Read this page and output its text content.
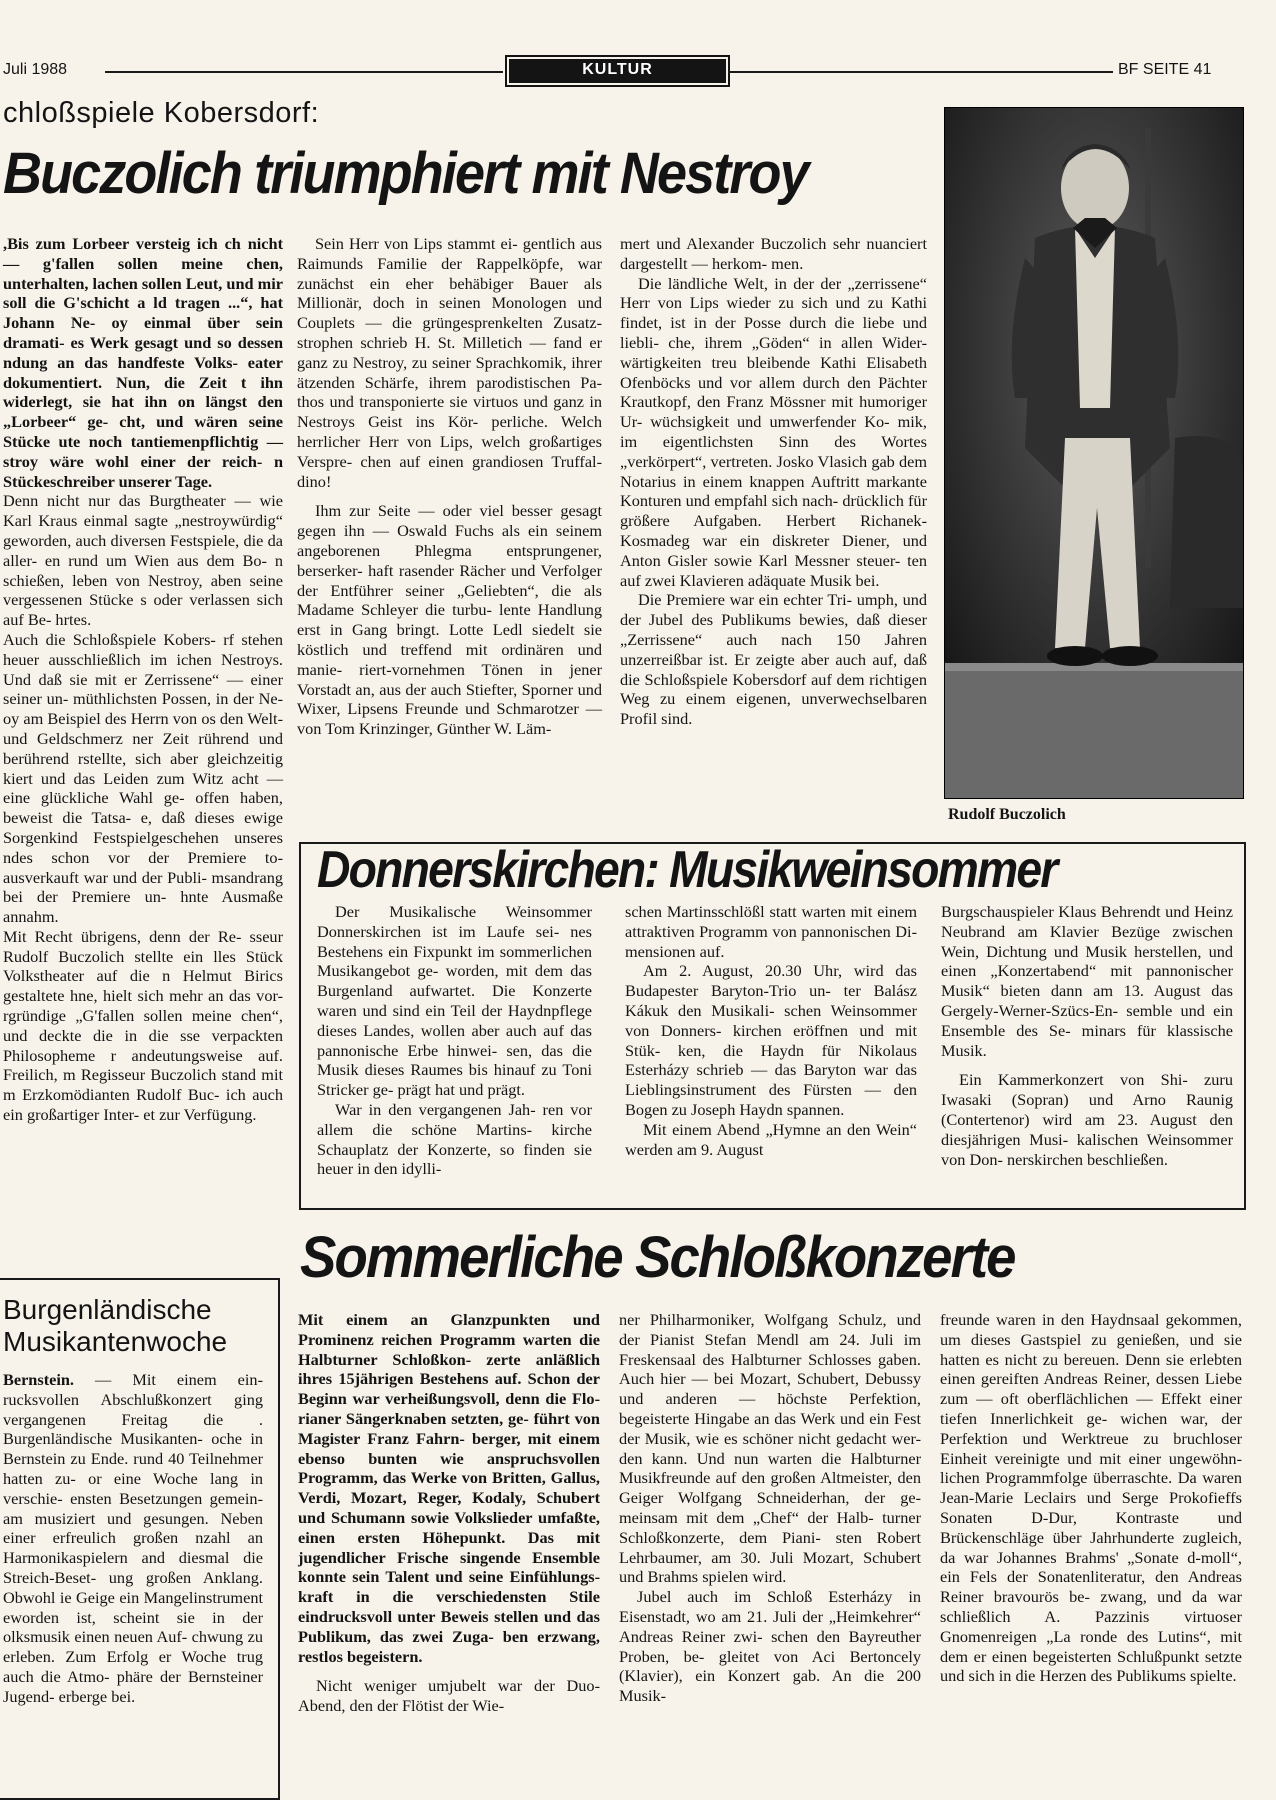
Juli 1988	KULTUR	BF SEITE 41
chloßspiele Kobersdorf:
Buczolich triumphiert mit Nestroy

,Bis zum Lorbeer versteig ich ch nicht — g'fallen sollen meine chen, unterhalten, lachen sollen Leut, und mir soll die G'schicht a ld tragen ...“, hat Johann Ne- oy einmal über sein dramati- es Werk gesagt und so dessen ndung an das handfeste Volks- eater dokumentiert. Nun, die Zeit t ihn widerlegt, sie hat ihn on längst den „Lorbeer“ ge- cht, und wären seine Stücke ute noch tantiemenpflichtig — stroy wäre wohl einer der reich- n Stückeschreiber unserer Tage.

Denn nicht nur das Burgtheater — wie Karl Kraus einmal sagte „nestroywürdig“ geworden, auch diversen Festspiele, die da aller- en rund um Wien aus dem Bo- n schießen, leben von Nestroy, aben seine vergessenen Stücke s oder verlassen sich auf Be- hrtes.

Auch die Schloßspiele Kobers- rf stehen heuer ausschließlich im ichen Nestroys. Und daß sie mit er Zerrissene“ — einer seiner un- müthlichsten Possen, in der Ne- oy am Beispiel des Herrn von os den Welt- und Geldschmerz ner Zeit rührend und berührend rstellte, sich aber gleichzeitig kiert und das Leiden zum Witz acht — eine glückliche Wahl ge- offen haben, beweist die Tatsa- e, daß dieses ewige Sorgenkind Festspielgeschehen unseres ndes schon vor der Premiere to- ausverkauft war und der Publi- msandrang bei der Premiere un- hnte Ausmaße annahm.

Mit Recht übrigens, denn der Re- sseur Rudolf Buczolich stellte ein lles Stück Volkstheater auf die n Helmut Birics gestaltete hne, hielt sich mehr an das vor- rgründige „G'fallen sollen meine chen“, und deckte die in die sse verpackten Philosopheme r andeutungsweise auf. Freilich, m Regisseur Buczolich stand mit m Erzkomödianten Rudolf Buc- ich auch ein großartiger Inter- et zur Verfügung.

Sein Herr von Lips stammt ei- gentlich aus Raimunds Familie der Rappelköpfe, war zunächst ein eher behäbiger Bauer als Millionär, doch in seinen Monologen und Couplets — die grüngesprenkelten Zusatz- strophen schrieb H. St. Milletich — fand er ganz zu Nestroy, zu seiner Sprachkomik, ihrer ätzenden Schärfe, ihrem parodistischen Pa- thos und transponierte sie virtuos und ganz in Nestroys Geist ins Kör- perliche. Welch herrlicher Herr von Lips, welch großartiges Verspre- chen auf einen grandiosen Truffal- dino!

Ihm zur Seite — oder viel besser gesagt gegen ihn — Oswald Fuchs als ein seinem angeborenen Phlegma entsprungener, berserker- haft rasender Rächer und Verfolger der Entführer seiner „Geliebten“, die als Madame Schleyer die turbu- lente Handlung erst in Gang bringt. Lotte Ledl siedelt sie köstlich und treffend mit ordinären und manie- riert-vornehmen Tönen in jener Vorstadt an, aus der auch Stiefter, Sporner und Wixer, Lipsens Freunde und Schmarotzer — von Tom Krinzinger, Günther W. Läm-

mert und Alexander Buczolich sehr nuanciert dargestellt — herkom- men.

Die ländliche Welt, in der der „zerrissene“ Herr von Lips wieder zu sich und zu Kathi findet, ist in der Posse durch die liebe und liebli- che, ihrem „Göden“ in allen Wider- wärtigkeiten treu bleibende Kathi Elisabeth Ofenböcks und vor allem durch den Pächter Krautkopf, den Franz Mössner mit humoriger Ur- wüchsigkeit und umwerfender Ko- mik, im eigentlichsten Sinn des Wortes „verkörpert“, vertreten. Josko Vlasich gab dem Notarius in einem knappen Auftritt markante Konturen und empfahl sich nach- drücklich für größere Aufgaben. Herbert Richanek-Kosmadeg war ein diskreter Diener, und Anton Gisler sowie Karl Messner steuer- ten auf zwei Klavieren adäquate Musik bei.

Die Premiere war ein echter Tri- umph, und der Jubel des Publikums bewies, daß dieser „Zerrissene“ auch nach 150 Jahren unzerreißbar ist. Er zeigte aber auch auf, daß die Schloßspiele Kobersdorf auf dem richtigen Weg zu einem eigenen, unverwechselbaren Profil sind.

Rudolf Buczolich
Donnerskirchen: Musikweinsommer

Der Musikalische Weinsommer Donnerskirchen ist im Laufe sei- nes Bestehens ein Fixpunkt im sommerlichen Musikangebot ge- worden, mit dem das Burgenland aufwartet. Die Konzerte waren und sind ein Teil der Haydnpflege dieses Landes, wollen aber auch auf das pannonische Erbe hinwei- sen, das die Musik dieses Raumes bis hinauf zu Toni Stricker ge- prägt hat und prägt.

War in den vergangenen Jah- ren vor allem die schöne Martins- kirche Schauplatz der Konzerte, so finden sie heuer in den idylli-

schen Martinsschlößl statt warten mit einem attraktiven Programm von pannonischen Di- mensionen auf.

Am 2. August, 20.30 Uhr, wird das Budapester Baryton-Trio un- ter Balász Kákuk den Musikali- schen Weinsommer von Donners- kirchen eröffnen und mit Stük- ken, die Haydn für Nikolaus Esterházy schrieb — das Baryton war das Lieblingsinstrument des Fürsten — den Bogen zu Joseph Haydn spannen.

Mit einem Abend „Hymne an den Wein“ werden am 9. August

Burgschauspieler Klaus Behrendt und Heinz Neubrand am Klavier Bezüge zwischen Wein, Dichtung und Musik herstellen, und einen „Konzertabend“ mit pannonischer Musik“ bieten dann am 13. August das Gergely-Werner-Szücs-En- semble und ein Ensemble des Se- minars für klassische Musik.

Ein Kammerkonzert von Shi- zuru Iwasaki (Sopran) und Arno Raunig (Contertenor) wird am 23. August den diesjährigen Musi- kalischen Weinsommer von Don- nerskirchen beschließen.

Sommerliche Schloßkonzerte

Mit einem an Glanzpunkten und Prominenz reichen Programm warten die Halbturner Schloßkon- zerte anläßlich ihres 15jährigen Bestehens auf. Schon der Beginn war verheißungsvoll, denn die Flo- rianer Sängerknaben setzten, ge- führt von Magister Franz Fahrn- berger, mit einem ebenso bunten wie anspruchsvollen Programm, das Werke von Britten, Gallus, Verdi, Mozart, Reger, Kodaly, Schubert und Schumann sowie Volkslieder umfaßte, einen ersten Höhepunkt. Das mit jugendlicher Frische singende Ensemble konnte sein Talent und seine Einfühlungs- kraft in die verschiedensten Stile eindrucksvoll unter Beweis stellen und das Publikum, das zwei Zuga- ben erzwang, restlos begeistern.

Nicht weniger umjubelt war der Duo-Abend, den der Flötist der Wie-

ner Philharmoniker, Wolfgang Schulz, und der Pianist Stefan Mendl am 24. Juli im Freskensaal des Halbturner Schlosses gaben. Auch hier — bei Mozart, Schubert, Debussy und anderen — höchste Perfektion, begeisterte Hingabe an das Werk und ein Fest der Musik, wie es schöner nicht gedacht wer- den kann. Und nun warten die Halbturner Musikfreunde auf den großen Altmeister, den Geiger Wolfgang Schneiderhan, der ge- meinsam mit dem „Chef“ der Halb- turner Schloßkonzerte, dem Piani- sten Robert Lehrbaumer, am 30. Juli Mozart, Schubert und Brahms spielen wird.

Jubel auch im Schloß Esterházy in Eisenstadt, wo am 21. Juli der „Heimkehrer“ Andreas Reiner zwi- schen den Bayreuther Proben, be- gleitet von Aci Bertoncely (Klavier), ein Konzert gab. An die 200 Musik-

freunde waren in den Haydnsaal gekommen, um dieses Gastspiel zu genießen, und sie hatten es nicht zu bereuen. Denn sie erlebten einen gereiften Andreas Reiner, dessen Liebe zum — oft oberflächlichen — Effekt einer tiefen Innerlichkeit ge- wichen war, der Perfektion und Werktreue zu bruchloser Einheit vereinigte und mit einer ungewöhn- lichen Programmfolge überraschte. Da waren Jean-Marie Leclairs und Serge Prokofieffs Sonaten D-Dur, Kontraste und Brückenschläge über Jahrhunderte zugleich, da war Johannes Brahms' „Sonate d-moll“, ein Fels der Sonatenliteratur, den Andreas Reiner bravourös be- zwang, und da war schließlich A. Pazzinis virtuoser Gnomenreigen „La ronde des Lutins“, mit dem er einen begeisterten Schlußpunkt setzte und sich in die Herzen des Publikums spielte.

Burgenländische Musikantenwoche

Bernstein. — Mit einem ein- rucksvollen Abschlußkonzert ging vergangenen Freitag die . Burgenländische Musikanten- oche in Bernstein zu Ende. rund 40 Teilnehmer hatten zu- or eine Woche lang in verschie- ensten Besetzungen gemein- am musiziert und gesungen. Neben einer erfreulich großen nzahl an Harmonikaspielern and diesmal die Streich-Beset- ung großen Anklang. Obwohl ie Geige ein Mangelinstrument eworden ist, scheint sie in der olksmusik einen neuen Auf- chwung zu erleben. Zum Erfolg er Woche trug auch die Atmo- phäre der Bernsteiner Jugend- erberge bei.
